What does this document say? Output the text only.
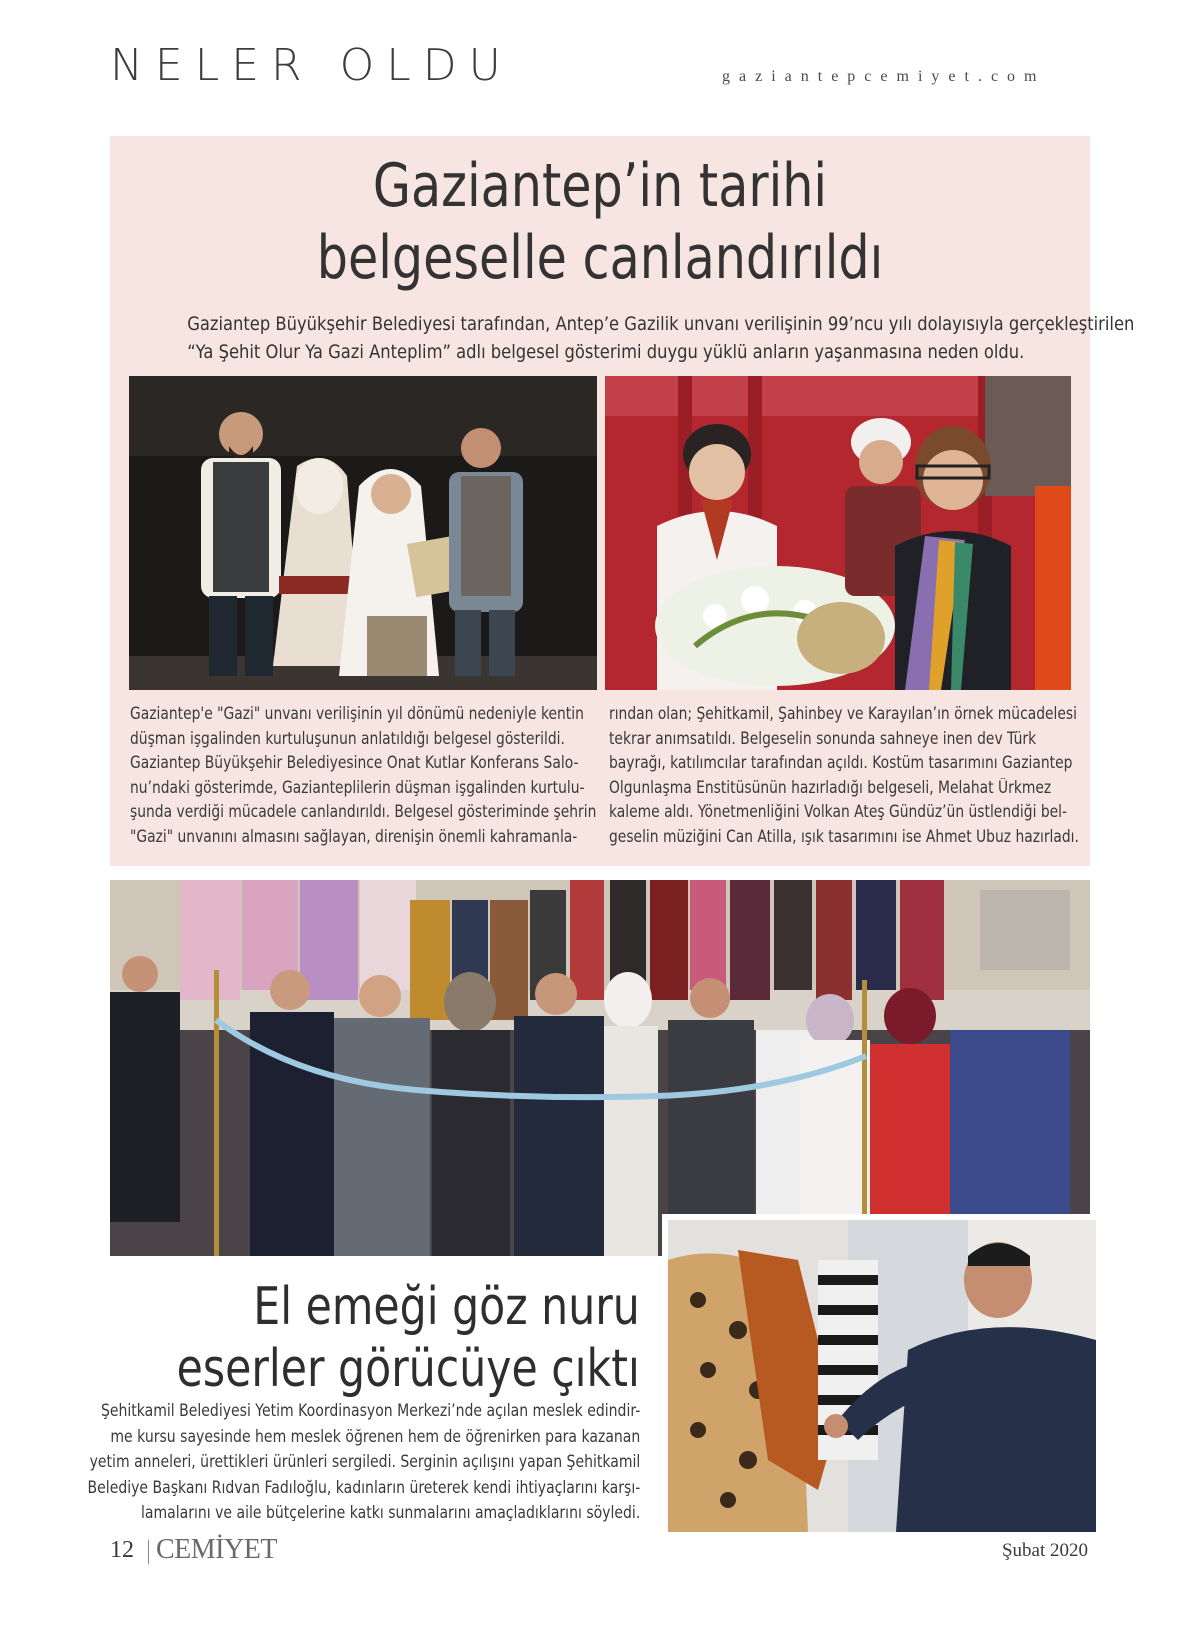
NELER OLDU	gaziantepcemiyet.com
Gaziantep’in tarihi
belgeselle canlandırıldı
Gaziantep Büyükşehir Belediyesi tarafından, Antep’e Gazilik unvanı verilişinin 99’ncu yılı dolayısıyla gerçekleştirilen
“Ya Şehit Olur Ya Gazi Anteplim” adlı belgesel gösterimi duygu yüklü anların yaşanmasına neden oldu.
Gaziantep'e "Gazi" unvanı verilişinin yıl dönümü nedeniyle kentin
düşman işgalinden kurtuluşunun anlatıldığı belgesel gösterildi.
Gaziantep Büyükşehir Belediyesince Onat Kutlar Konferans Salo-
nu’ndaki gösterimde, Gazianteplilerin düşman işgalinden kurtulu-
şunda verdiği mücadele canlandırıldı. Belgesel gösteriminde şehrin
"Gazi" unvanını almasını sağlayan, direnişin önemli kahramanla-
rından olan; Şehitkamil, Şahinbey ve Karayılan’ın örnek mücadelesi
tekrar anımsatıldı. Belgeselin sonunda sahneye inen dev Türk
bayrağı, katılımcılar tarafından açıldı. Kostüm tasarımını Gaziantep
Olgunlaşma Enstitüsünün hazırladığı belgeseli, Melahat Ürkmez
kaleme aldı. Yönetmenliğini Volkan Ateş Gündüz’ün üstlendiği bel-
geselin müziğini Can Atilla, ışık tasarımını ise Ahmet Ubuz hazırladı.
El emeği göz nuru
eserler görücüye çıktı
Şehitkamil Belediyesi Yetim Koordinasyon Merkezi’nde açılan meslek edindir-
me kursu sayesinde hem meslek öğrenen hem de öğrenirken para kazanan
yetim anneleri, ürettikleri ürünleri sergiledi. Serginin açılışını yapan Şehitkamil
Belediye Başkanı Rıdvan Fadıloğlu, kadınların üreterek kendi ihtiyaçlarını karşı-
lamalarını ve aile bütçelerine katkı sunmalarını amaçladıklarını söyledi.
12 CEMİYET	Şubat 2020
